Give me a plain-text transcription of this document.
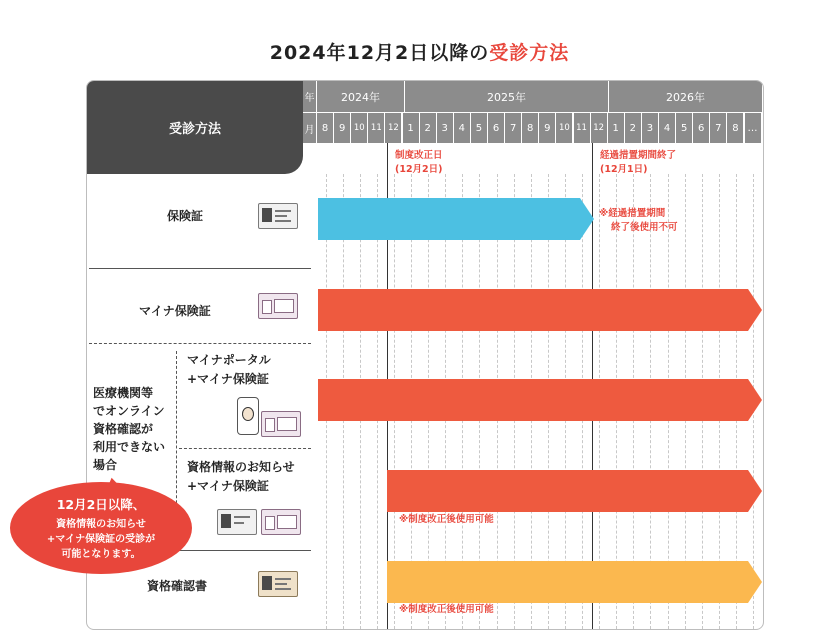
2024年12月2日以降の受診方法
受診方法
年	2024年	2025年	2026年
月 8	9 10 11 12 1	2	3	4	5	6	7	8	9 10 11 12 1	2	3	4	5	6	7	8 …
制度改正日
(12月2日)
経過措置期間終了
(12月1日)
保険証	※経過措置期間
終了後使用不可
マイナ保険証
医療機関等
でオンライン
資格確認が
利用できない
場合
マイナポータル
+マイナ保険証
資格情報のお知らせ
+マイナ保険証
※制度改正後使用可能
資格確認書
※制度改正後使用可能
12月2日以降、
資格情報のお知らせ
+マイナ保険証の受診が
可能となります。
